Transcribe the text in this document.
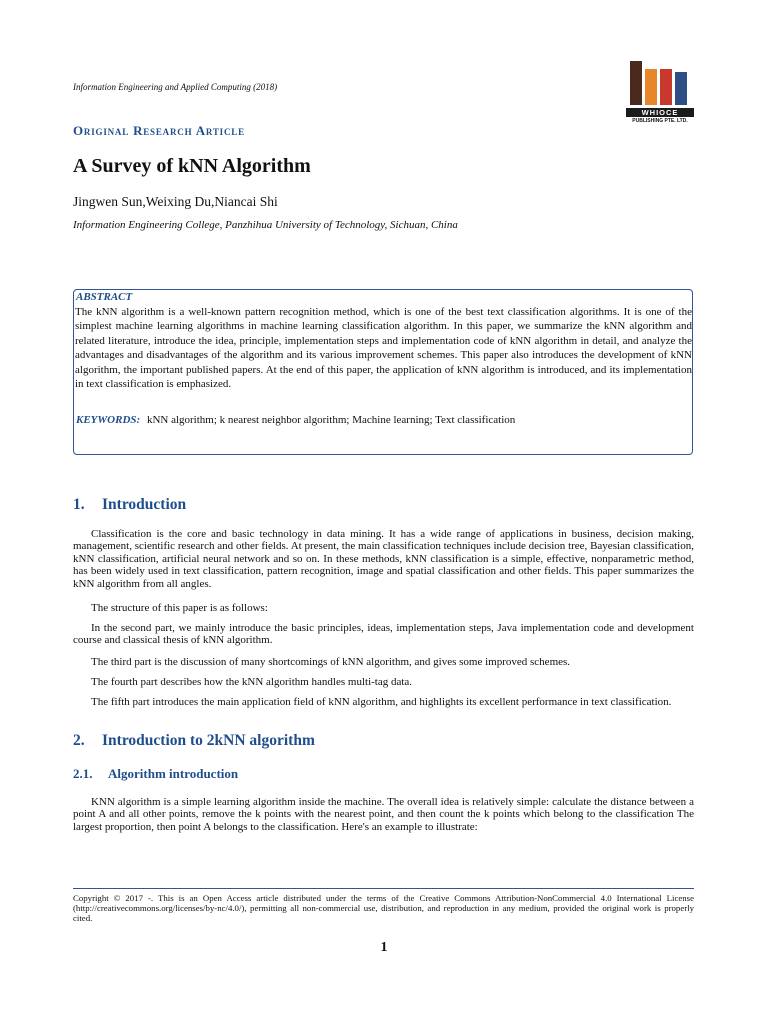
Information Engineering and Applied Computing (2018)
WHIOCE
PUBLISHING PTE. LTD.
Original Research Article
A Survey of kNN Algorithm
Jingwen Sun,Weixing Du,Niancai Shi
Information Engineering College, Panzhihua University of Technology, Sichuan, China
ABSTRACT
The kNN algorithm is a well-known pattern recognition method, which is one of the best text classification algorithms. It is one of the simplest machine learning algorithms in machine learning classification algorithm. In this paper, we summarize the kNN algorithm and related literature, introduce the idea, principle, implementation steps and implementation code of kNN algorithm in detail, and analyze the advantages and disadvantages of the algorithm and its various improvement schemes. This paper also introduces the development of kNN algorithm, the important published papers. At the end of this paper, the application of kNN algorithm is introduced, and its implementation in text classification is emphasized.
KEYWORDS: kNN algorithm; k nearest neighbor algorithm; Machine learning; Text classification
1. Introduction

Classification is the core and basic technology in data mining. It has a wide range of applications in business, decision making, management, scientific research and other fields. At present, the main classification techniques include decision tree, Bayesian classification, kNN classification, artificial neural network and so on. In these methods, kNN classification is a simple, effective, nonparametric method, has been widely used in text classification, pattern recognition, image and spatial classification and other fields. This paper summarizes the kNN algorithm from all angles.

The structure of this paper is as follows:

In the second part, we mainly introduce the basic principles, ideas, implementation steps, Java implementation code and development course and classical thesis of kNN algorithm.

The third part is the discussion of many shortcomings of kNN algorithm, and gives some improved schemes.

The fourth part describes how the kNN algorithm handles multi-tag data.

The fifth part introduces the main application field of kNN algorithm, and highlights its excellent performance in text classification.

2. Introduction to 2kNN algorithm
2.1. Algorithm introduction

KNN algorithm is a simple learning algorithm inside the machine. The overall idea is relatively simple: calculate the distance between a point A and all other points, remove the k points with the nearest point, and then count the k points which belong to the classification The largest proportion, then point A belongs to the classification. Here's an example to illustrate:

Copyright © 2017 -. This is an Open Access article distributed under the terms of the Creative Commons Attribution-NonCommercial 4.0 International License (http://creativecommons.org/licenses/by-nc/4.0/), permitting all non-commercial use, distribution, and reproduction in any medium, provided the original work is properly cited.
1
